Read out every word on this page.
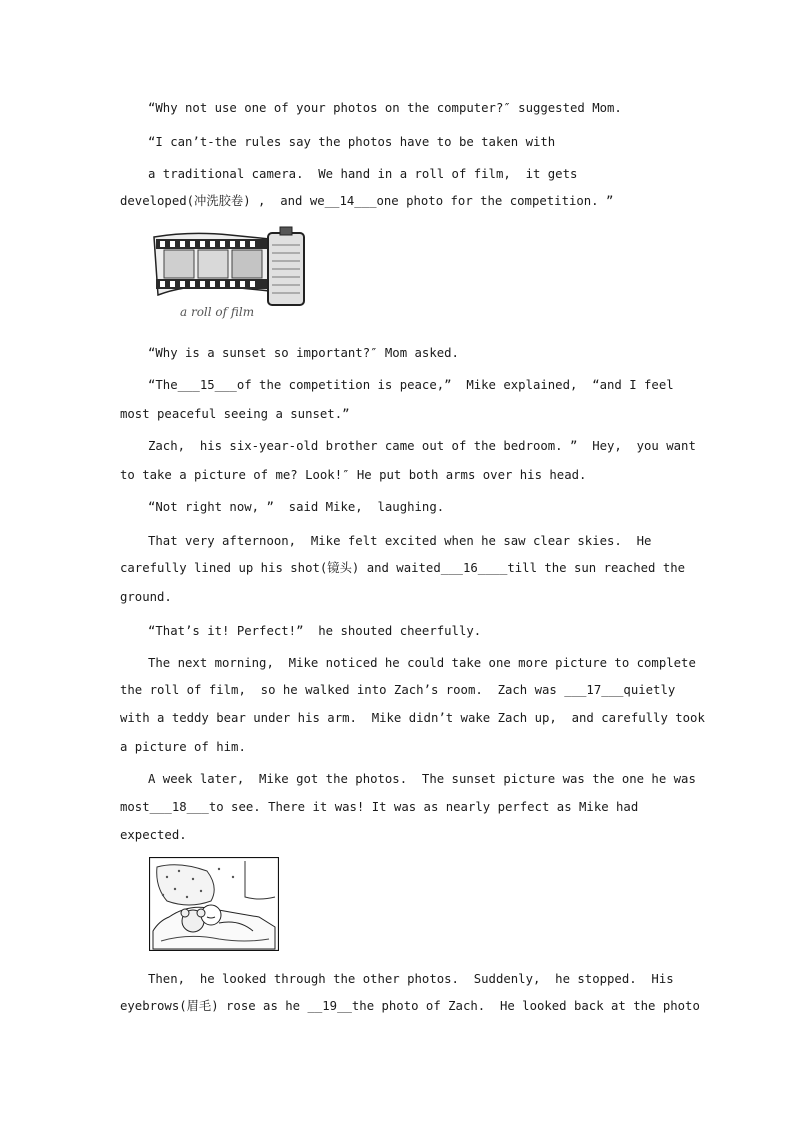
“Why not use one of your photos on the computer?″ suggested Mom.
“I can’t-the rules say the photos have to be taken with
a traditional camera.  We hand in a roll of film,  it gets
developed(冲洗胶卷) ,  and we__14___one photo for the competition. ”
a roll of film
“Why is a sunset so important?″ Mom asked.
“The___15___of the competition is peace,”  Mike explained,  “and I feel
most peaceful seeing a sunset.”
Zach,  his six-year-old brother came out of the bedroom. ”  Hey,  you want
to take a picture of me? Look!″ He put both arms over his head.
“Not right now, ”  said Mike,  laughing.
That very afternoon,  Mike felt excited when he saw clear skies.  He
carefully lined up his shot(镜头) and waited___16____till the sun reached the
ground.
“That’s it! Perfect!”  he shouted cheerfully.
The next morning,  Mike noticed he could take one more picture to complete
the roll of film,  so he walked into Zach’s room.  Zach was ___17___quietly
with a teddy bear under his arm.  Mike didn’t wake Zach up,  and carefully took
a picture of him.
A week later,  Mike got the photos.  The sunset picture was the one he was
most___18___to see. There it was! It was as nearly perfect as Mike had
expected.
Then,  he looked through the other photos.  Suddenly,  he stopped.  His
eyebrows(眉毛) rose as he __19__the photo of Zach.  He looked back at the photo
